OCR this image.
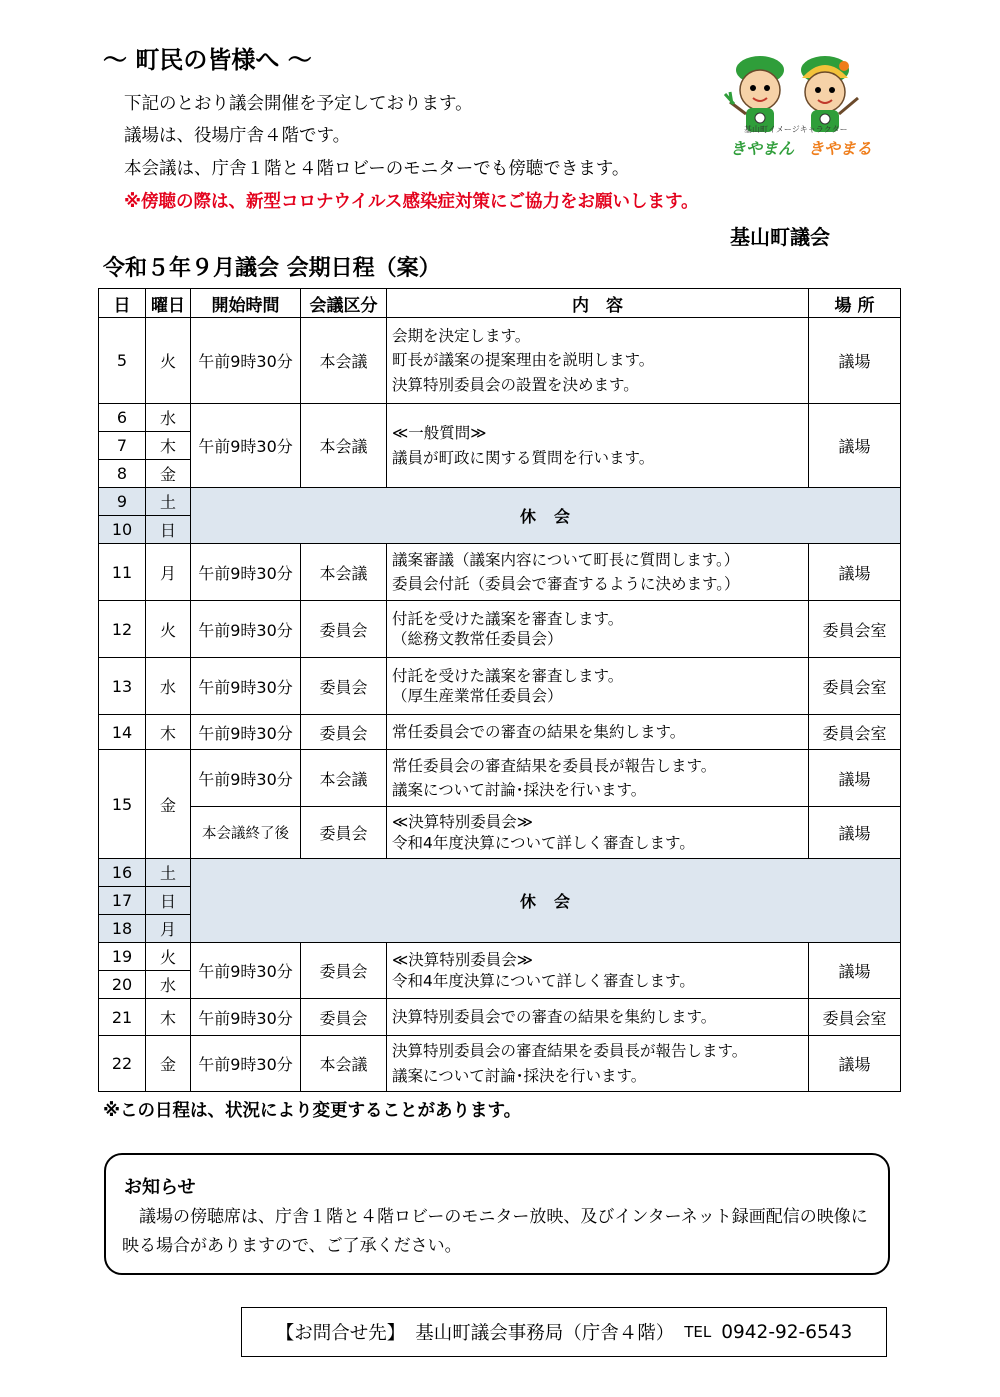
～ 町民の皆様へ ～
下記のとおり議会開催を予定しております。
議場は、役場庁舎４階です。
本会議は、庁舎１階と４階ロビーのモニターでも傍聴できます。
※傍聴の際は、新型コロナウイルス感染症対策にご協力をお願いします。
基山町議会
基山町イメージキャラクター
きやまん きやまる
令和５年９月議会 会期日程（案）
日	曜日	開始時間	会議区分	内　容	場 所
5	火	午前9時30分	本会議	会期を決定します。
町長が議案の提案理由を説明します。
決算特別委員会の設置を決めます。	議場
6	水	午前9時30分	本会議	≪一般質問≫
議員が町政に関する質問を行います。	議場
7	木				
8	金				
9	土	休　会			
10	日				
11	月	午前9時30分	本会議	議案審議（議案内容について町長に質問します。）
委員会付託（委員会で審査するように決めます。）	議場
12	火	午前9時30分	委員会	付託を受けた議案を審査します。
（総務文教常任委員会）	委員会室
13	水	午前9時30分	委員会	付託を受けた議案を審査します。
（厚生産業常任委員会）	委員会室
14	木	午前9時30分	委員会	常任委員会での審査の結果を集約します。	委員会室
15	金	午前9時30分	本会議	常任委員会の審査結果を委員長が報告します。
議案について討論･採決を行います。	議場
		本会議終了後	委員会	≪決算特別委員会≫
令和4年度決算について詳しく審査します。	議場
16	土	休　会			
17	日				
18	月				
19	火	午前9時30分	委員会	≪決算特別委員会≫
令和4年度決算について詳しく審査します。	議場
20	水				
21	木	午前9時30分	委員会	決算特別委員会での審査の結果を集約します。	委員会室
22	金	午前9時30分	本会議	決算特別委員会の審査結果を委員長が報告します。
議案について討論･採決を行います。	議場
※この日程は、状況により変更することがあります。
お知らせ
議場の傍聴席は、庁舎１階と４階ロビーのモニター放映、及びインターネット録画配信の映像に映る場合がありますので、ご了承ください。
【お問合せ先】 基山町議会事務局（庁舎４階） TEL 0942-92-6543
